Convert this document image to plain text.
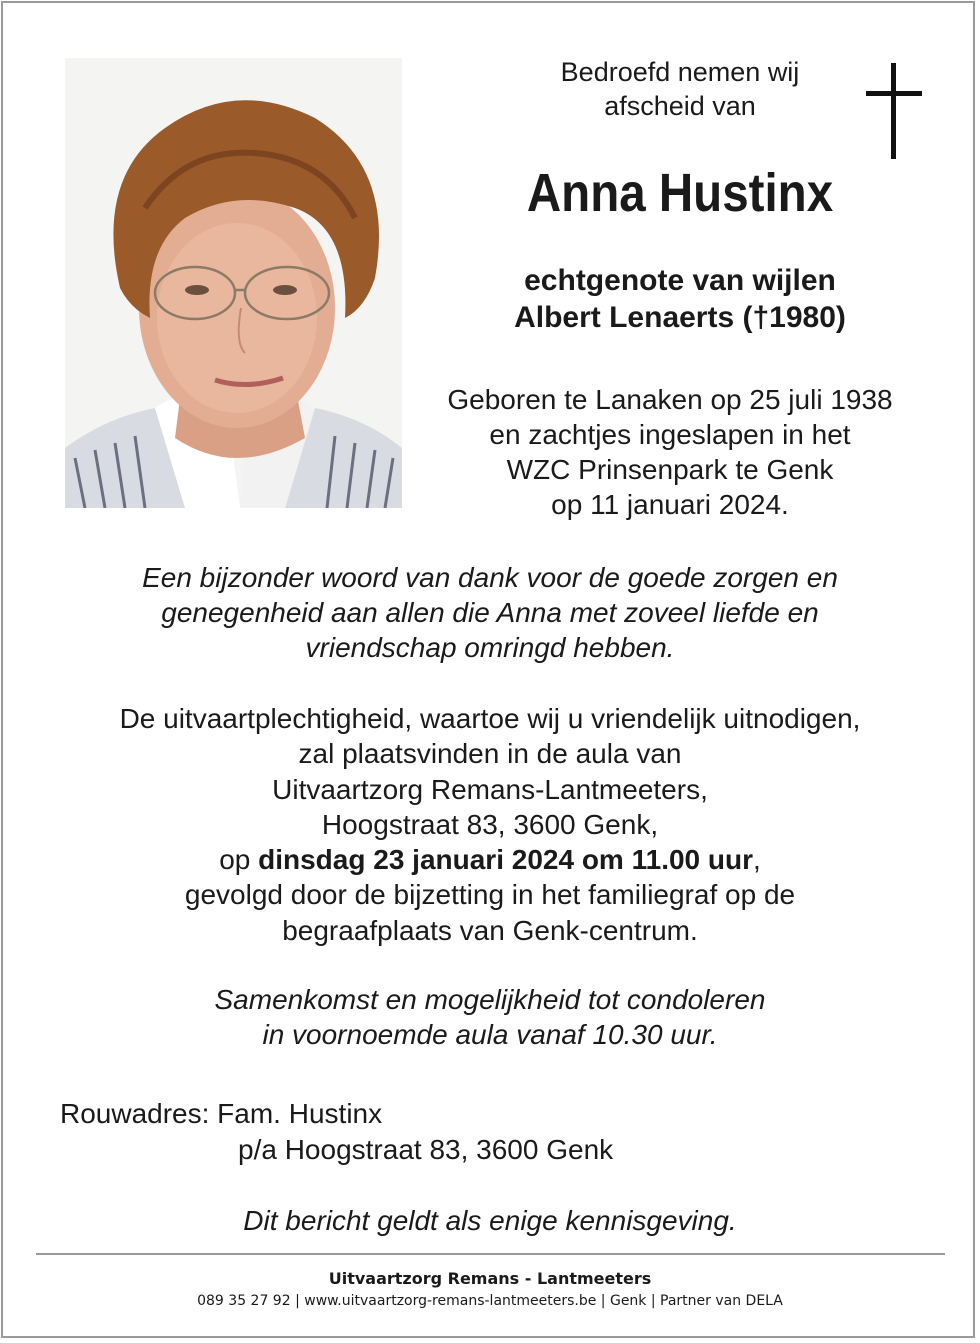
Bedroefd nemen wij
afscheid van
Anna Hustinx
echtgenote van wijlen
Albert Lenaerts (†1980)
Geboren te Lanaken op 25 juli 1938
en zachtjes ingeslapen in het
WZC Prinsenpark te Genk
op 11 januari 2024.
Een bijzonder woord van dank voor de goede zorgen en
genegenheid aan allen die Anna met zoveel liefde en
vriendschap omringd hebben.
De uitvaartplechtigheid, waartoe wij u vriendelijk uitnodigen,
zal plaatsvinden in de aula van
Uitvaartzorg Remans-Lantmeeters,
Hoogstraat 83, 3600 Genk,
op dinsdag 23 januari 2024 om 11.00 uur,
gevolgd door de bijzetting in het familiegraf op de
begraafplaats van Genk-centrum.
Samenkomst en mogelijkheid tot condoleren
in voornoemde aula vanaf 10.30 uur.
Rouwadres: Fam. Hustinx
p/a Hoogstraat 83, 3600 Genk
Dit bericht geldt als enige kennisgeving.
Uitvaartzorg Remans - Lantmeeters
089 35 27 92 | www.uitvaartzorg-remans-lantmeeters.be | Genk | Partner van DELA
